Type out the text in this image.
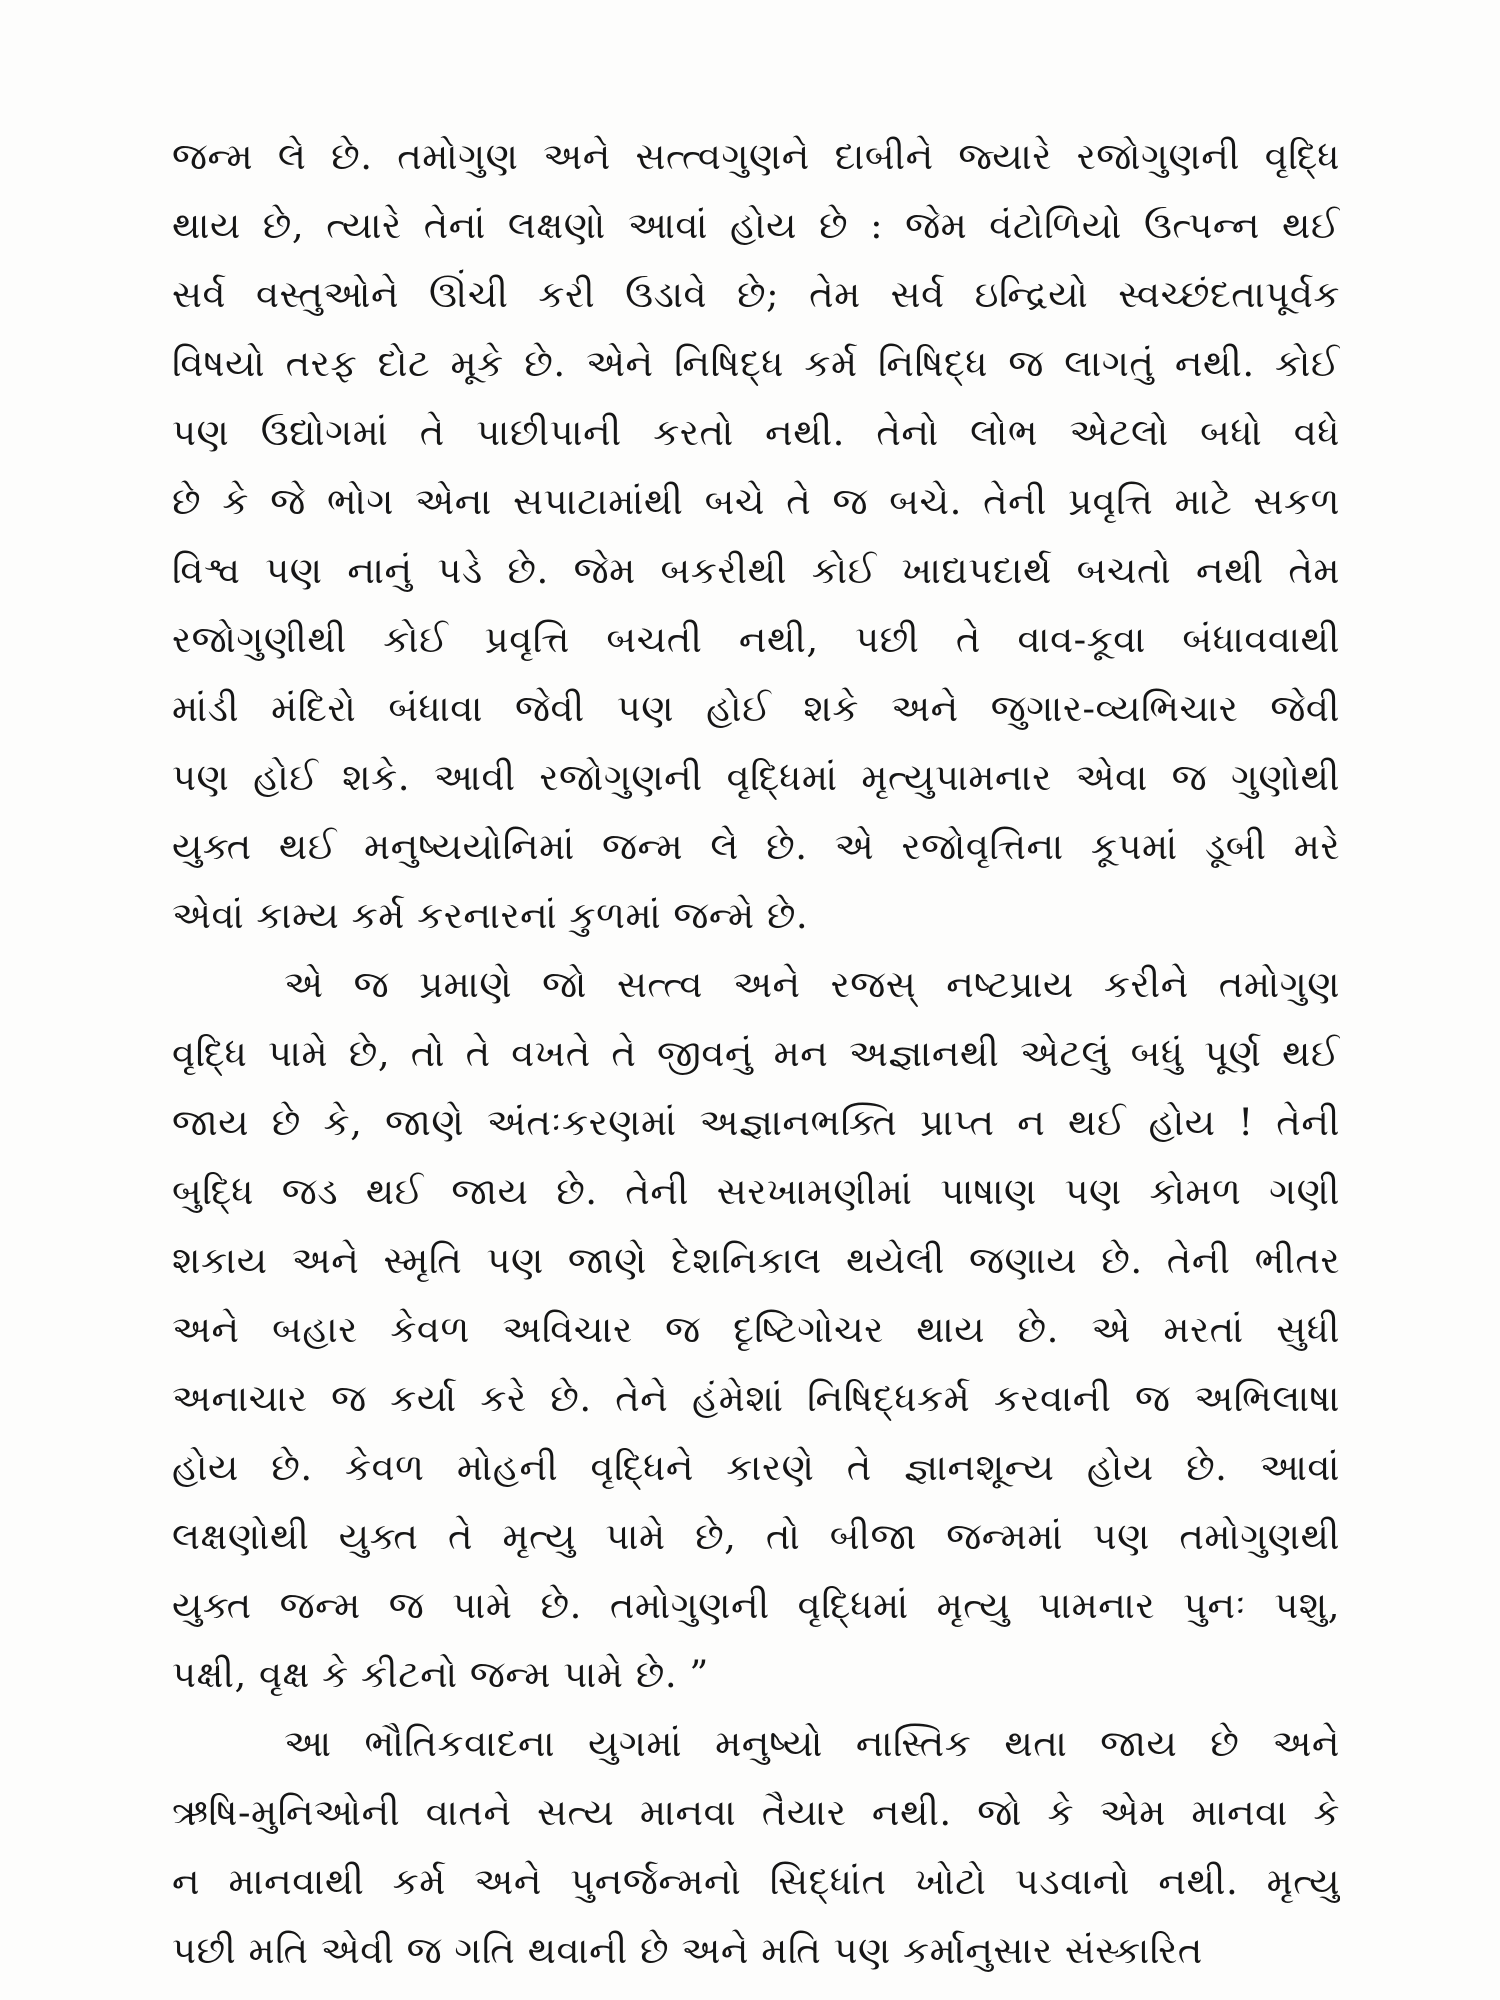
જન્મ લે છે. તમોગુણ અને સત્ત્વગુણને દાબીને જ્યારે રજોગુણની વૃદ્ધિ
થાય છે, ત્યારે તેનાં લક્ષણો આવાં હોય છે : જેમ વંટોળિયો ઉત્પન્ન થઈ
સર્વ વસ્તુઓને ઊંચી કરી ઉડાવે છે; તેમ સર્વ ઇન્દ્રિયો સ્વચ્છંદતાપૂર્વક
વિષયો તરફ દોટ મૂકે છે. એને નિષિદ્ધ કર્મ નિષિદ્ધ જ લાગતું નથી. કોઈ
પણ ઉદ્યોગમાં તે પાછીપાની કરતો નથી. તેનો લોભ એટલો બધો વધે
છે કે જે ભોગ એના સપાટામાંથી બચે તે જ બચે. તેની પ્રવૃત્તિ માટે સકળ
વિશ્વ પણ નાનું પડે છે. જેમ બકરીથી કોઈ ખાદ્યપદાર્થ બચતો નથી તેમ
રજોગુણીથી કોઈ પ્રવૃત્તિ બચતી નથી, પછી તે વાવ-કૂવા બંધાવવાથી
માંડી મંદિરો બંધાવા જેવી પણ હોઈ શકે અને જુગાર-વ્યભિચાર જેવી
પણ હોઈ શકે. આવી રજોગુણની વૃદ્ધિમાં મૃત્યુપામનાર એવા જ ગુણોથી
યુક્ત થઈ મનુષ્યયોનિમાં જન્મ લે છે. એ રજોવૃત્તિના કૂપમાં ડૂબી મરે
એવાં કામ્ય કર્મ કરનારનાં કુળમાં જન્મે છે.
એ જ પ્રમાણે જો સત્ત્વ અને રજસ્ નષ્ટપ્રાય કરીને તમોગુણ
વૃદ્ધિ પામે છે, તો તે વખતે તે જીવનું મન અજ્ઞાનથી એટલું બધું પૂર્ણ થઈ
જાય છે કે, જાણે અંતઃકરણમાં અજ્ઞાનભક્તિ પ્રાપ્ત ન થઈ હોય ! તેની
બુદ્ધિ જડ થઈ જાય છે. તેની સરખામણીમાં પાષાણ પણ કોમળ ગણી
શકાય અને સ્મૃતિ પણ જાણે દેશનિકાલ થયેલી જણાય છે. તેની ભીતર
અને બહાર કેવળ અવિચાર જ દૃષ્ટિગોચર થાય છે. એ મરતાં સુધી
અનાચાર જ કર્યા કરે છે. તેને હંમેશાં નિષિદ્ધકર્મ કરવાની જ અભિલાષા
હોય છે. કેવળ મોહની વૃદ્ધિને કારણે તે જ્ઞાનશૂન્ય હોય છે. આવાં
લક્ષણોથી યુક્ત તે મૃત્યુ પામે છે, તો બીજા જન્મમાં પણ તમોગુણથી
યુક્ત જન્મ જ પામે છે. તમોગુણની વૃદ્ધિમાં મૃત્યુ પામનાર પુનઃ પશુ,
પક્ષી, વૃક્ષ કે કીટનો જન્મ પામે છે. ”
આ ભૌતિકવાદના યુગમાં મનુષ્યો નાસ્તિક થતા જાય છે અને
ઋષિ-મુનિઓની વાતને સત્ય માનવા તૈયાર નથી. જો કે એમ માનવા કે
ન માનવાથી કર્મ અને પુનર્જન્મનો સિદ્ધાંત ખોટો પડવાનો નથી. મૃત્યુ
પછી મતિ એવી જ ગતિ થવાની છે અને મતિ પણ કર્માનુસાર સંસ્કારિત
